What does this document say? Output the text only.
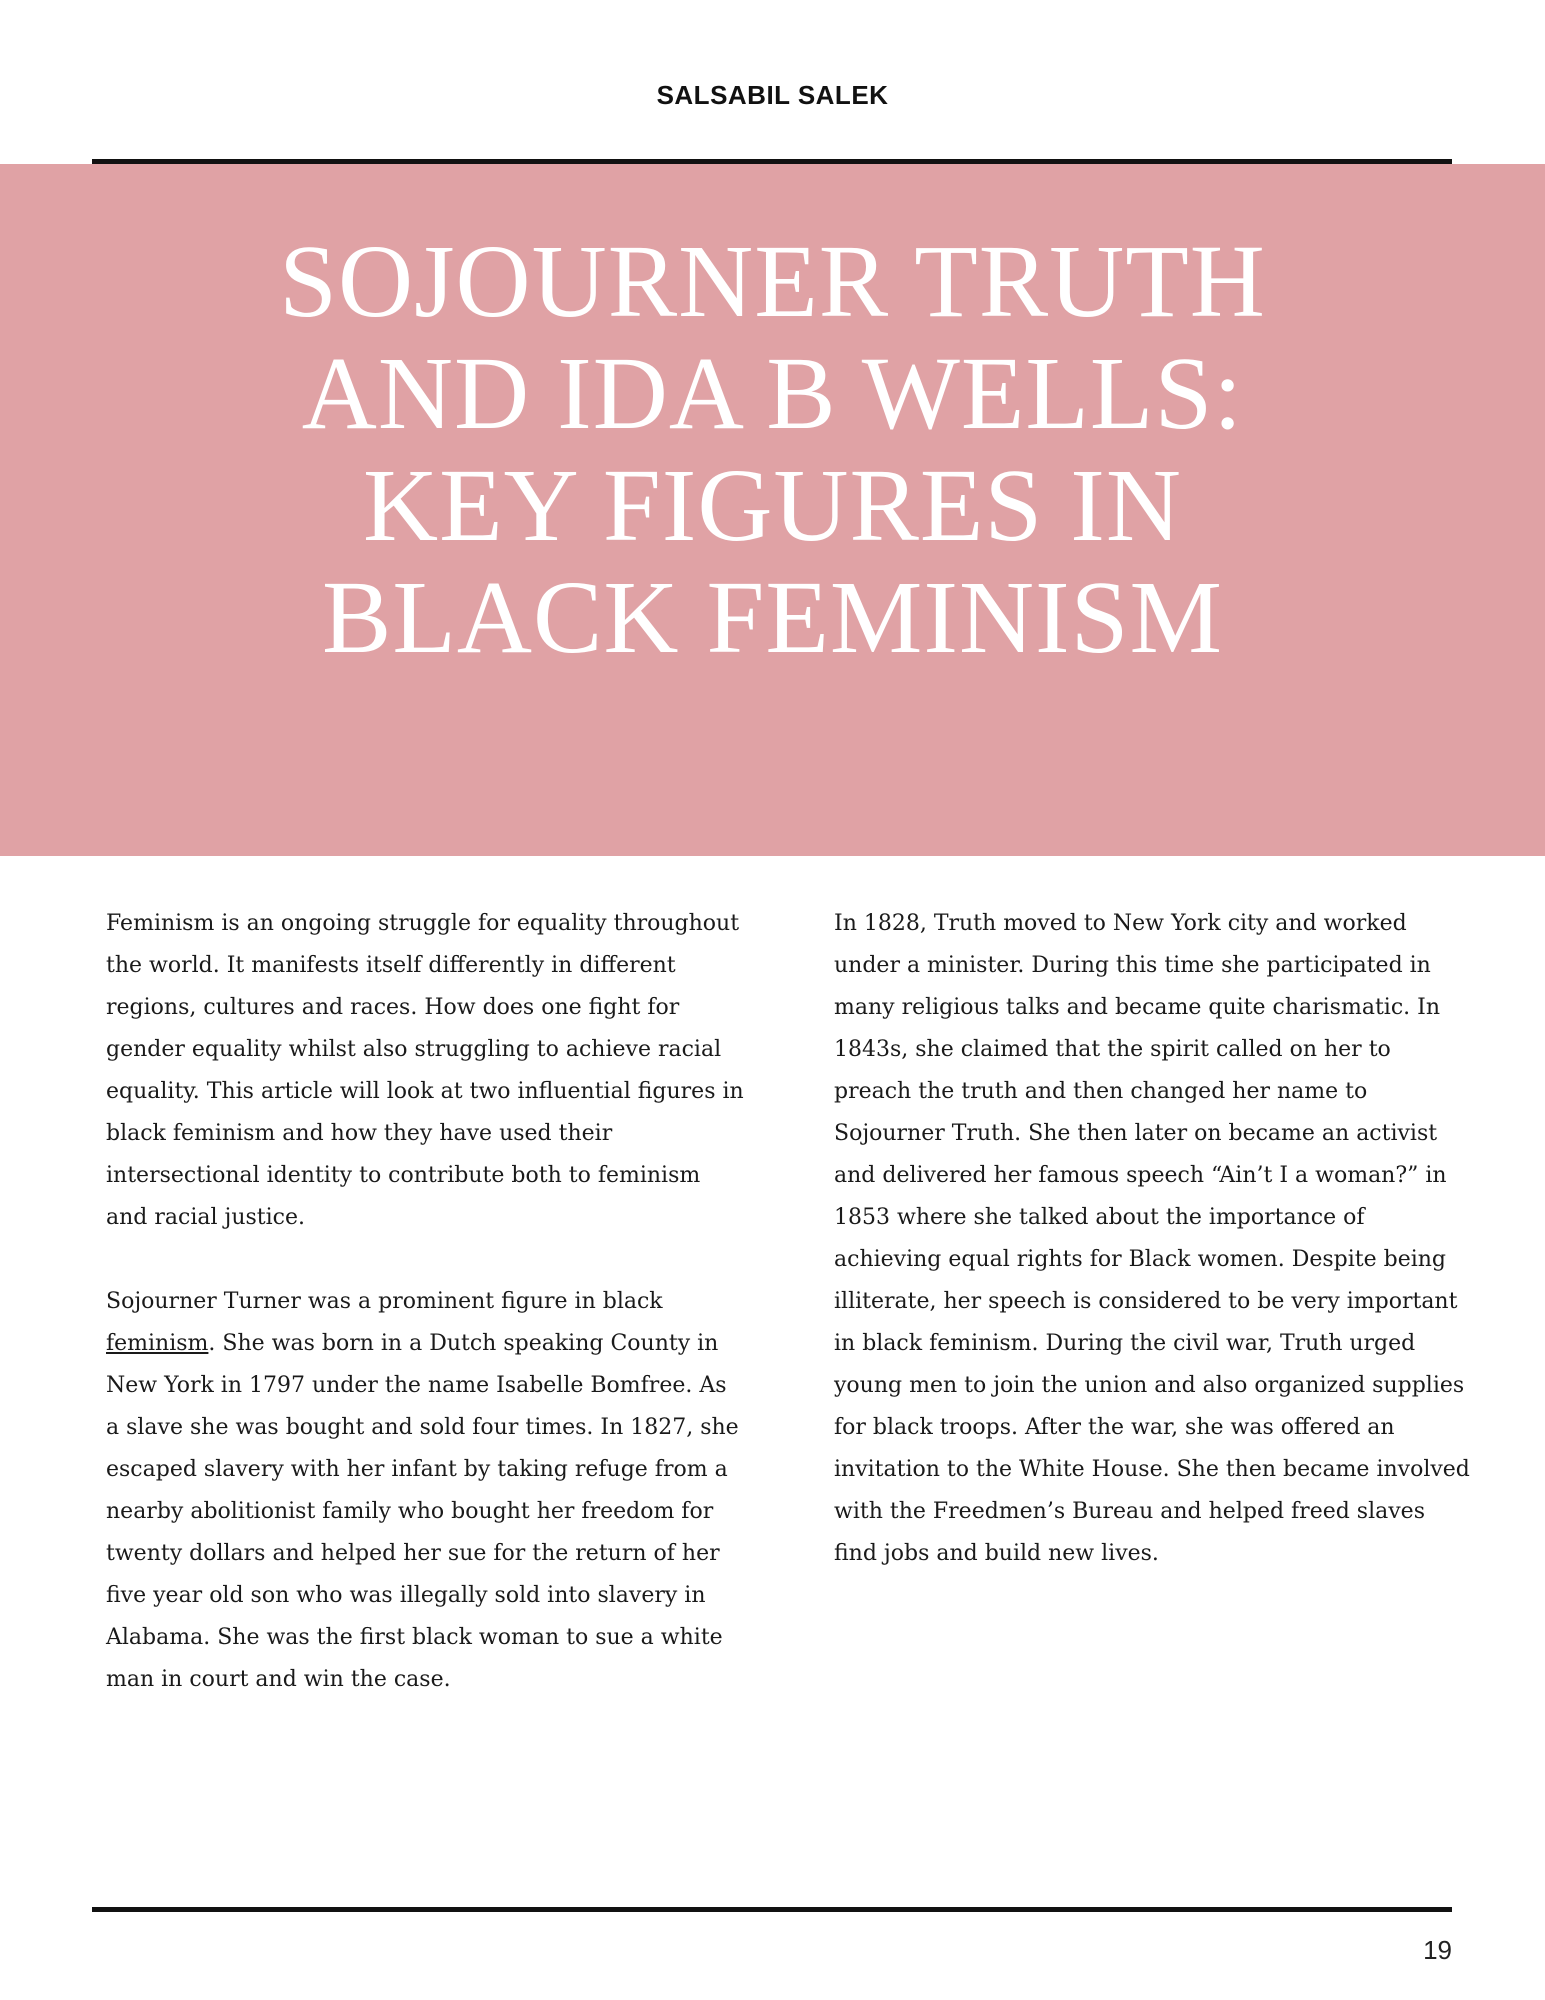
SALSABIL SALEK
SOJOURNER TRUTH
AND IDA B WELLS:
KEY FIGURES IN
BLACK FEMINISM

Feminism is an ongoing struggle for equality throughout the world. It manifests itself differently in different regions, cultures and races. How does one fight for gender equality whilst also struggling to achieve racial equality. This article will look at two influential figures in black feminism and how they have used their intersectional identity to contribute both to feminism and racial justice.

Sojourner Turner was a prominent figure in black feminism. She was born in a Dutch speaking County in New York in 1797 under the name Isabelle Bomfree. As a slave she was bought and sold four times. In 1827, she escaped slavery with her infant by taking refuge from a nearby abolitionist family who bought her freedom for twenty dollars and helped her sue for the return of her five year old son who was illegally sold into slavery in Alabama. She was the first black woman to sue a white man in court and win the case.

In 1828, Truth moved to New York city and worked under a minister. During this time she participated in many religious talks and became quite charismatic. In 1843s, she claimed that the spirit called on her to preach the truth and then changed her name to Sojourner Truth. She then later on became an activist and delivered her famous speech “Ain’t I a woman?” in 1853 where she talked about the importance of achieving equal rights for Black women. Despite being illiterate, her speech is considered to be very important in black feminism. During the civil war, Truth urged young men to join the union and also organized supplies for black troops. After the war, she was offered an invitation to the White House. She then became involved with the Freedmen’s Bureau and helped freed slaves find jobs and build new lives.

19
